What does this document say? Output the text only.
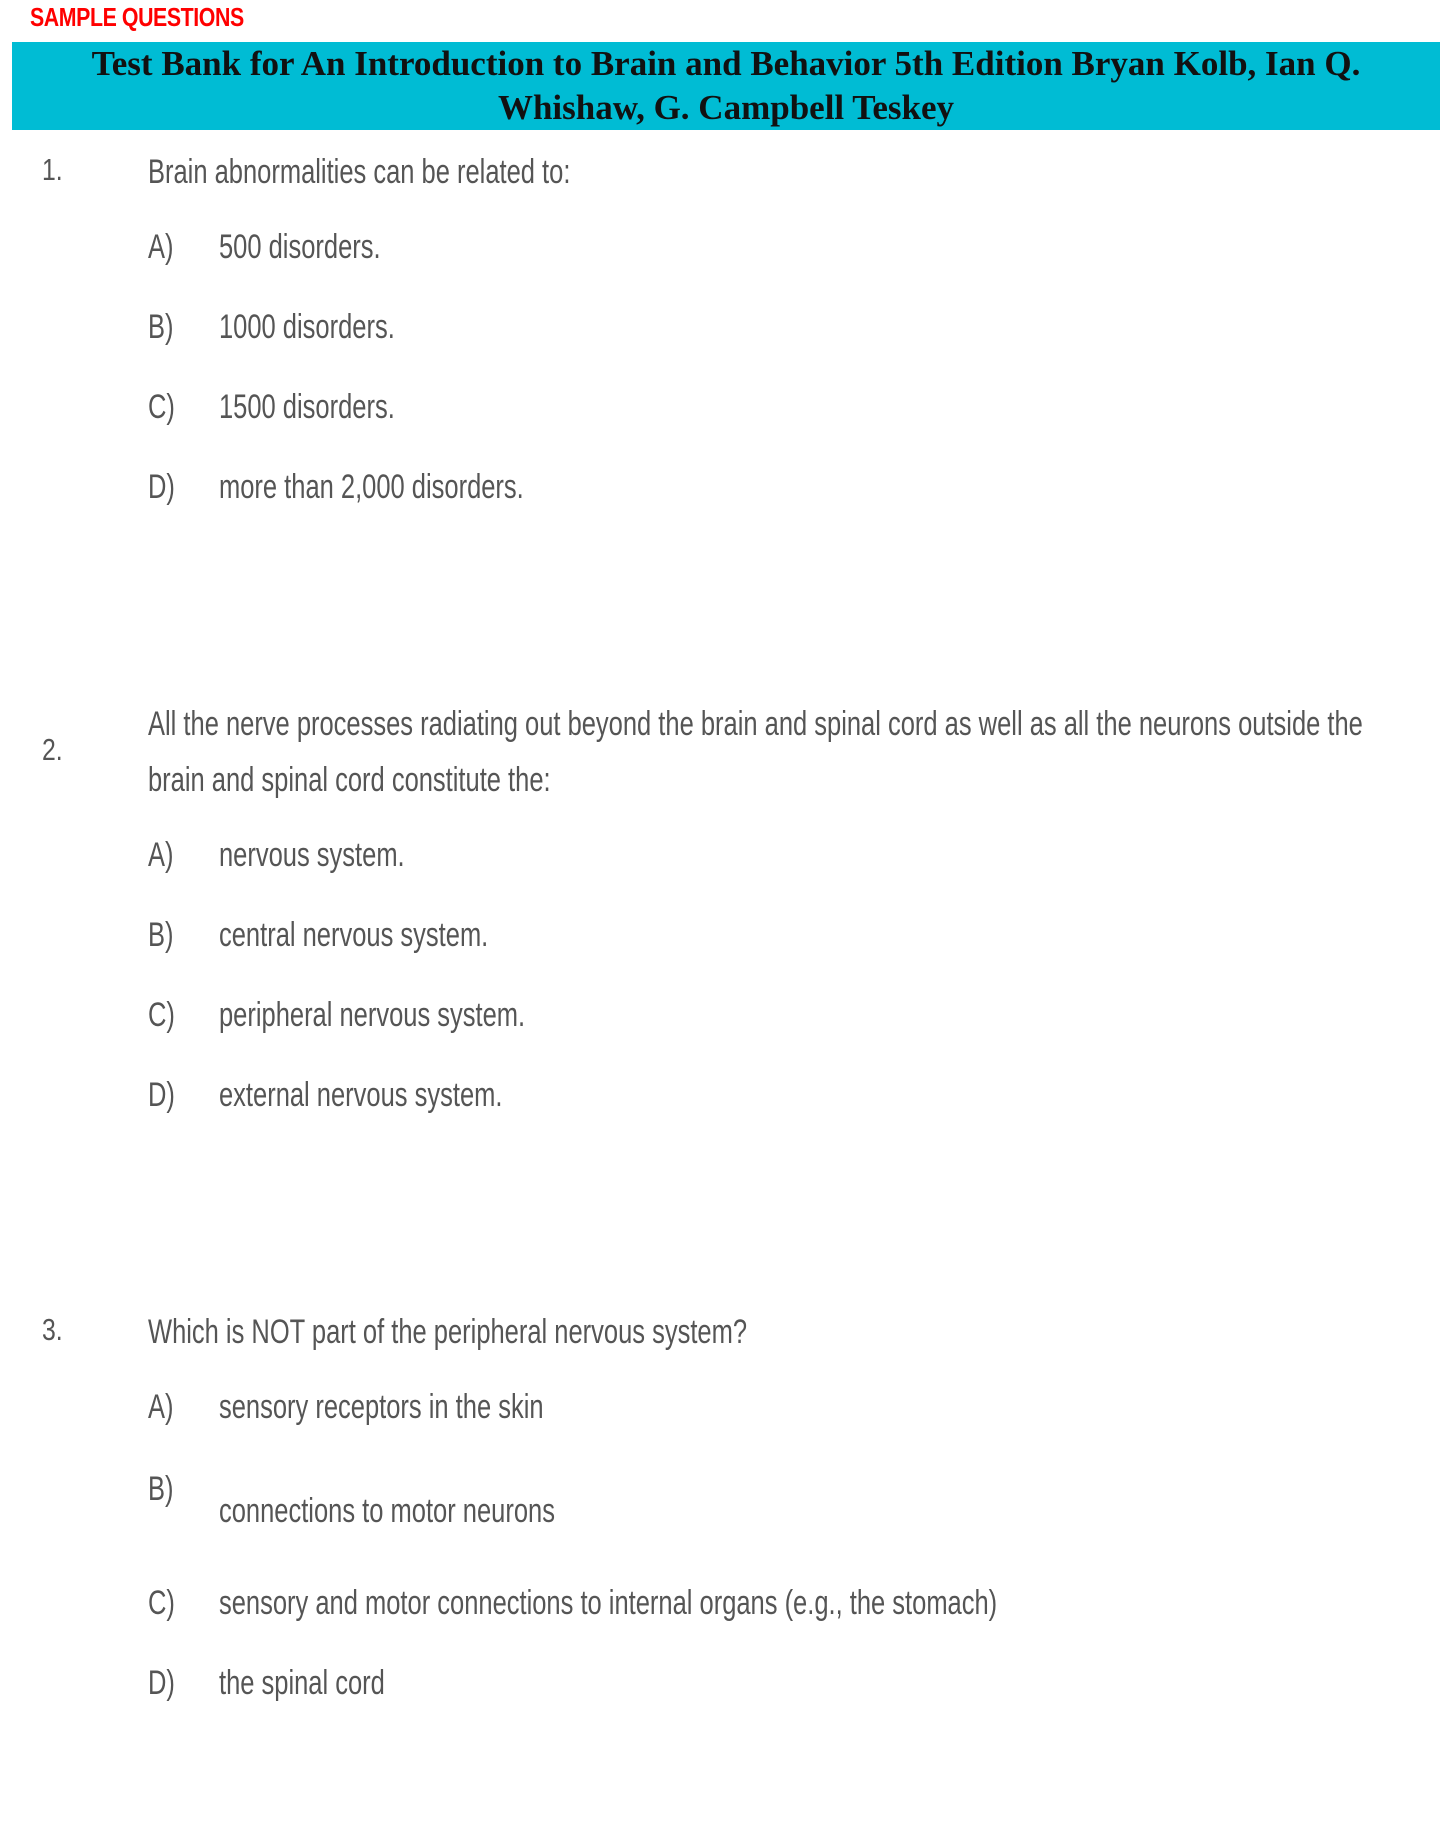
SAMPLE QUESTIONS
Test Bank for An Introduction to Brain and Behavior 5th Edition Bryan Kolb, Ian Q. Whishaw, G. Campbell Teskey
1.	Brain abnormalities can be related to:
A) 500 disorders.
B) 1000 disorders.
C) 1500 disorders.
D) more than 2,000 disorders.
2.
All the nerve processes radiating out beyond the brain and spinal cord as well as all the neurons outside the brain and spinal cord constitute the:
A) nervous system.
B) central nervous system.
C) peripheral nervous system.
D) external nervous system.
3.	Which is NOT part of the peripheral nervous system?
A) sensory receptors in the skin
B)
connections to motor neurons
C) sensory and motor connections to internal organs (e.g., the stomach)
D) the spinal cord
